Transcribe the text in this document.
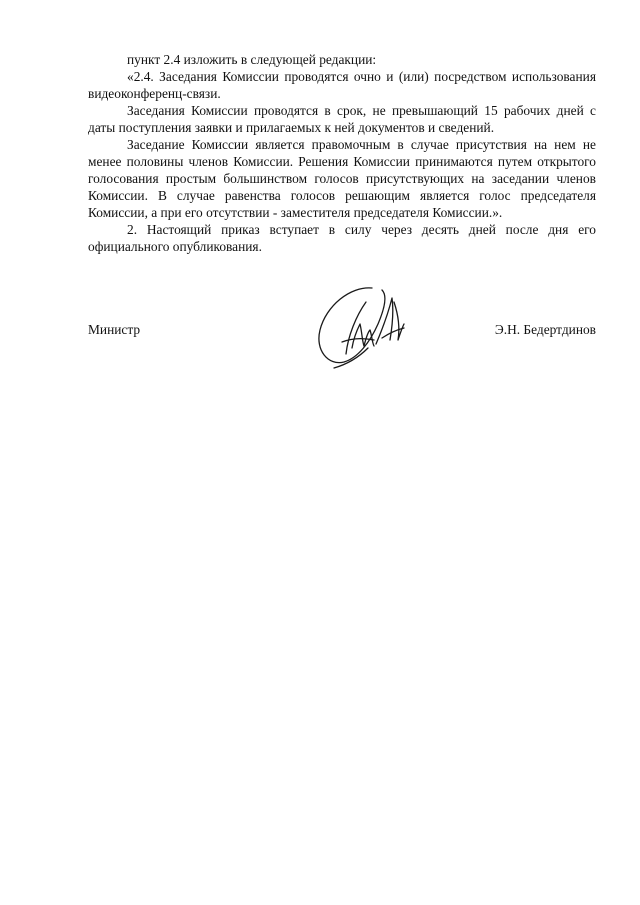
пункт 2.4 изложить в следующей редакции:

«2.4. Заседания Комиссии проводятся очно и (или) посредством использования видеоконференц-связи.

Заседания Комиссии проводятся в срок, не превышающий 15 рабочих дней с даты поступления заявки и прилагаемых к ней документов и сведений.

Заседание Комиссии является правомочным в случае присутствия на нем не менее половины членов Комиссии. Решения Комиссии принимаются путем открытого голосования простым большинством голосов присутствующих на заседании членов Комиссии. В случае равенства голосов решающим является голос председателя Комиссии, а при его отсутствии - заместителя председателя Комиссии.».

2. Настоящий приказ вступает в силу через десять дней после дня его официального опубликования.

Министр	Э.Н. Бедертдинов
